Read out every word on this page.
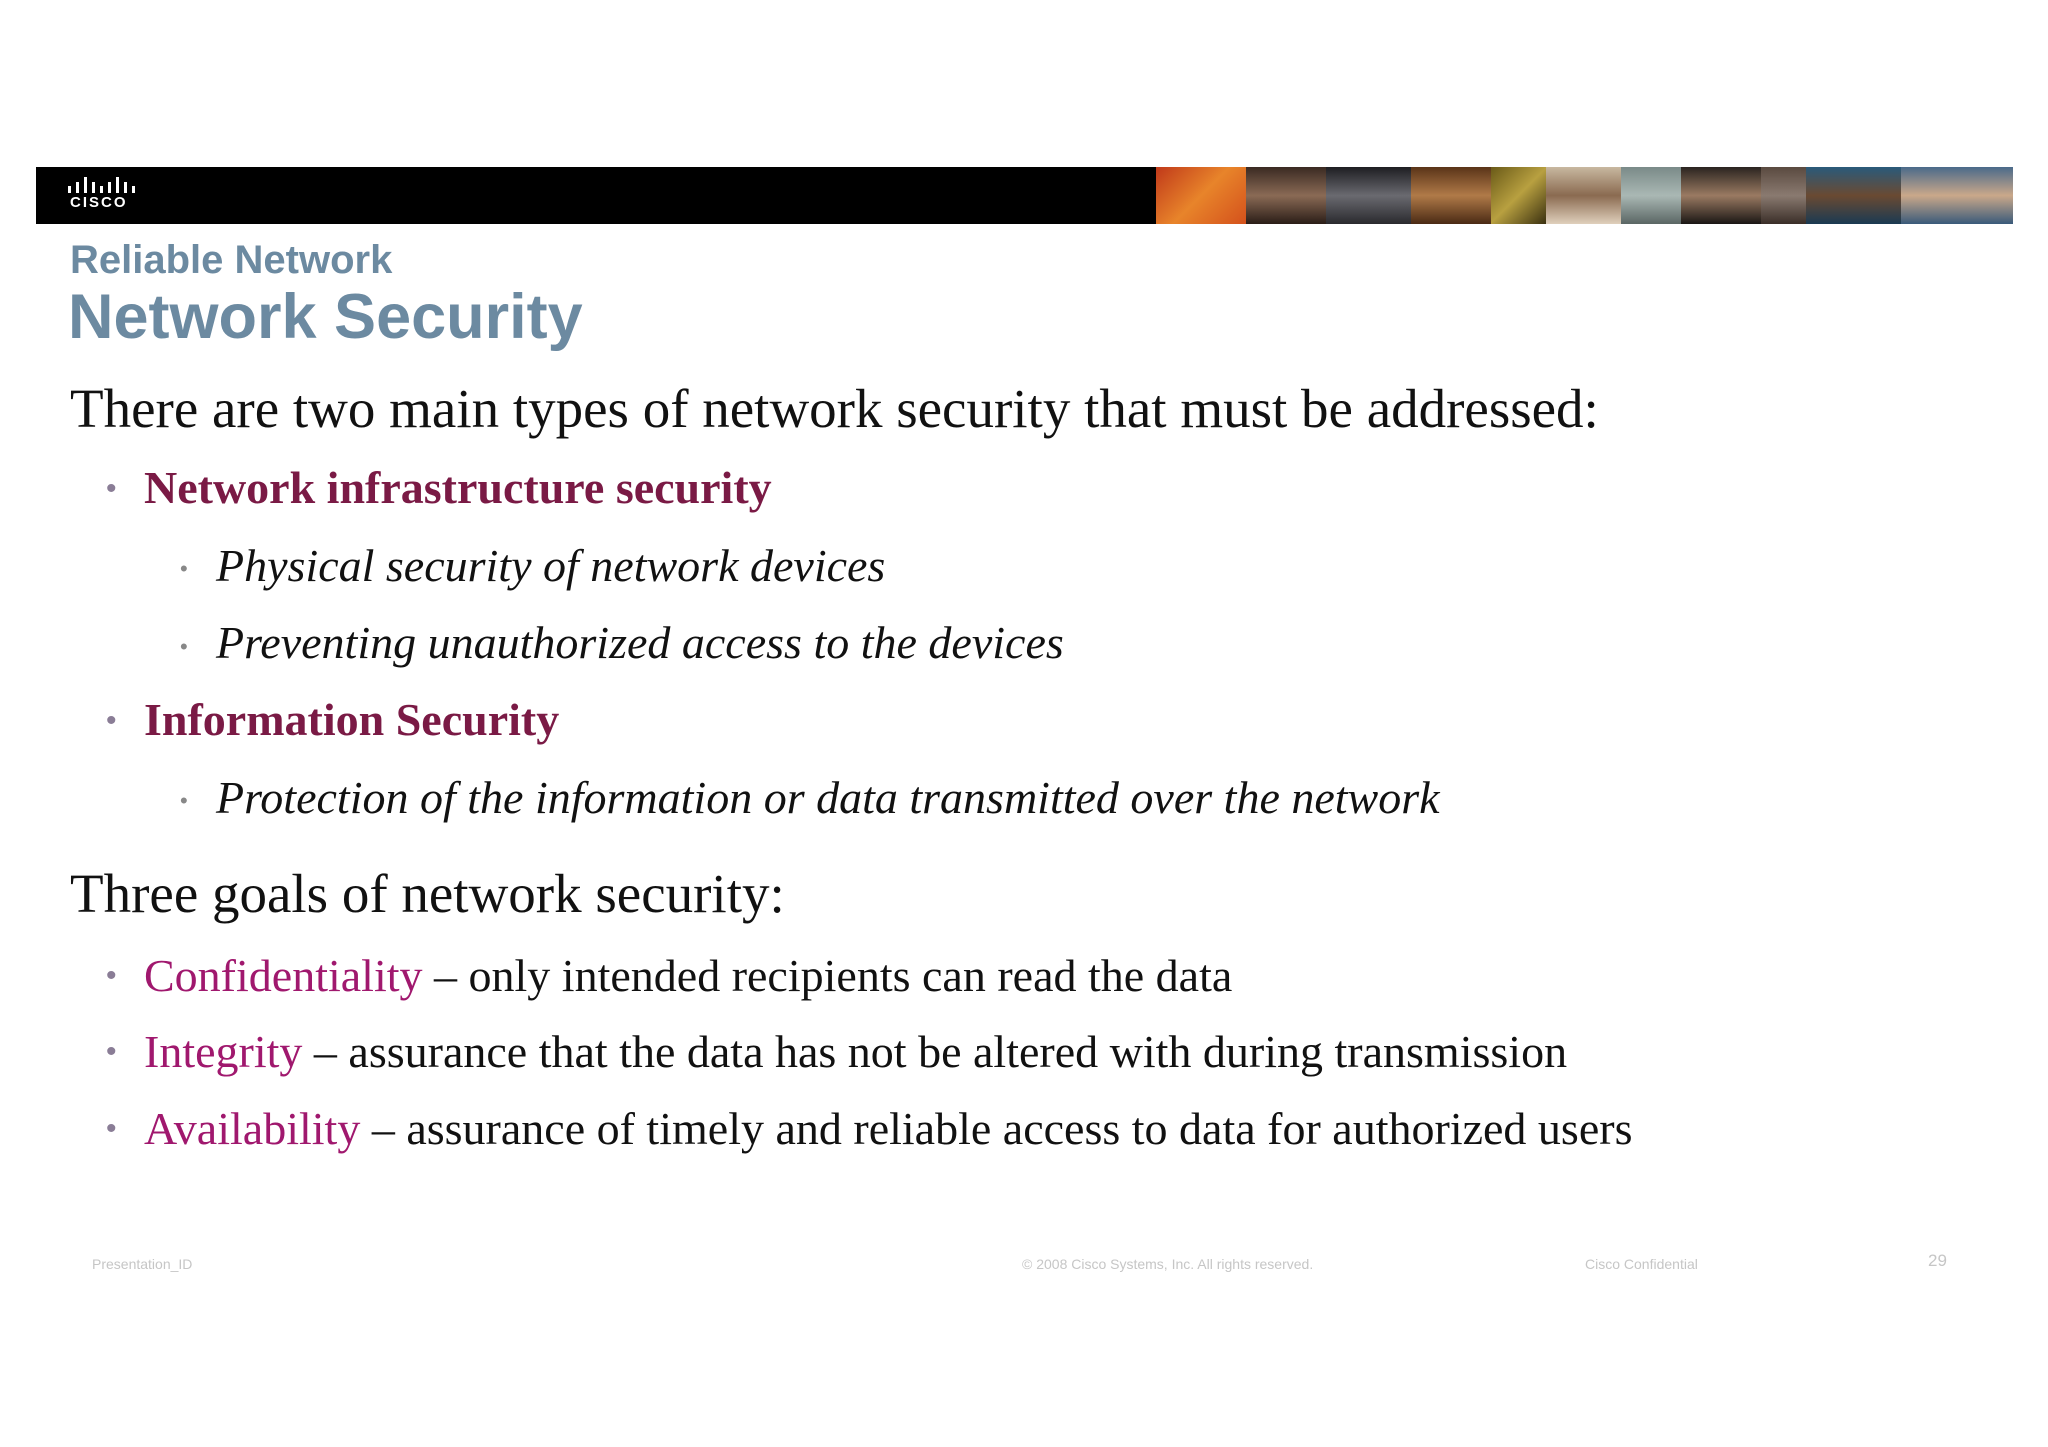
CISCO
Reliable Network
Network Security
There are two main types of network security that must be addressed:
• Network infrastructure security
• Physical security of network devices
• Preventing unauthorized access to the devices
• Information Security
• Protection of the information or data transmitted over the network
Three goals of network security:
• Confidentiality – only intended recipients can read the data
• Integrity – assurance that the data has not be altered with during transmission
• Availability – assurance of timely and reliable access to data for authorized users
Presentation_ID	© 2008 Cisco Systems, Inc. All rights reserved.	Cisco Confidential	29
